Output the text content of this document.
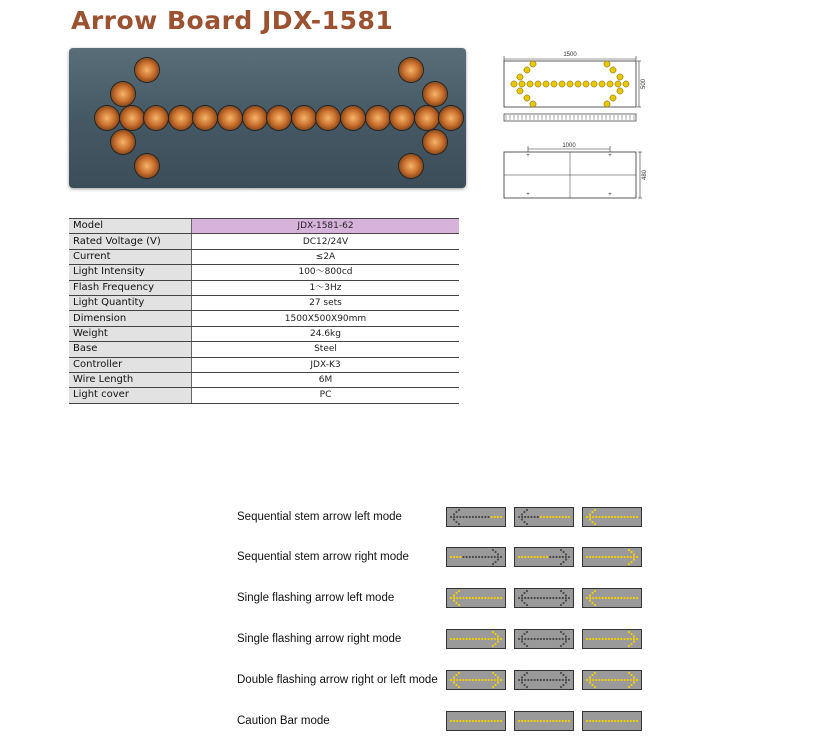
Arrow Board JDX-1581
1500
500
1000
+	+
+	+
480
Model	JDX-1581-62
Rated Voltage (V)	DC12/24V
Current	≤2A
Light Intensity	100～800cd
Flash Frequency	1～3Hz
Light Quantity	27 sets
Dimension	1500X500X90mm
Weight	24.6kg
Base	Steel
Controller	JDX-K3
Wire Length	6M
Light cover	PC
Sequential stem arrow left mode
Sequential stem arrow right mode
Single flashing arrow left mode
Single flashing arrow right mode
Double flashing arrow right or left mode
Caution Bar mode
